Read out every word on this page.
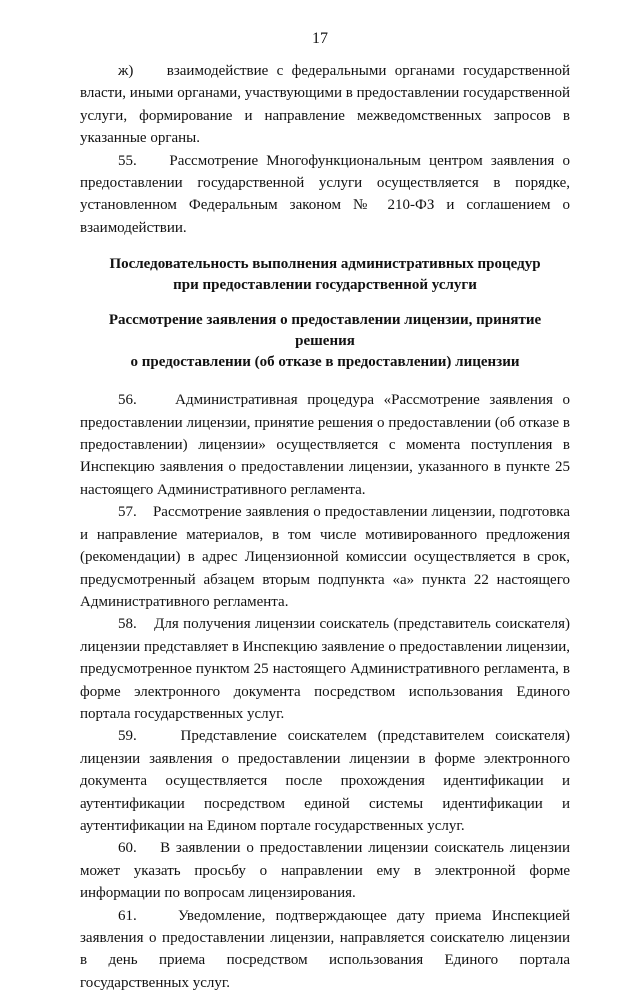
17

ж)    взаимодействие с федеральными органами государственной власти, иными органами, участвующими в предоставлении государственной услуги, формирование и направление межведомственных запросов в указанные органы.

55.    Рассмотрение Многофункциональным центром заявления о предоставлении государственной услуги осуществляется в порядке, установленном Федеральным законом № 210-ФЗ и соглашением о взаимодействии.

Последовательность выполнения административных процедур
при предоставлении государственной услуги
Рассмотрение заявления о предоставлении лицензии, принятие решения
о предоставлении (об отказе в предоставлении) лицензии

56.    Административная процедура «Рассмотрение заявления о предоставлении лицензии, принятие решения о предоставлении (об отказе в предоставлении) лицензии» осуществляется с момента поступления в Инспекцию заявления о предоставлении лицензии, указанного в пункте 25 настоящего Административного регламента.

57.    Рассмотрение заявления о предоставлении лицензии, подготовка и направление материалов, в том числе мотивированного предложения (рекомендации) в адрес Лицензионной комиссии осуществляется в срок, предусмотренный абзацем вторым подпункта «а» пункта 22 настоящего Административного регламента.

58.    Для получения лицензии соискатель (представитель соискателя) лицензии представляет в Инспекцию заявление о предоставлении лицензии, предусмотренное пунктом 25 настоящего Административного регламента, в форме электронного документа посредством использования Единого портала государственных услуг.

59.    Представление соискателем (представителем соискателя) лицензии заявления о предоставлении лицензии в форме электронного документа осуществляется после прохождения идентификации и аутентификации посредством единой системы идентификации и аутентификации на Едином портале государственных услуг.

60.    В заявлении о предоставлении лицензии соискатель лицензии может указать просьбу о направлении ему в электронной форме информации по вопросам лицензирования.

61.    Уведомление, подтверждающее дату приема Инспекцией заявления о предоставлении лицензии, направляется соискателю лицензии в день приема посредством использования Единого портала государственных услуг.
